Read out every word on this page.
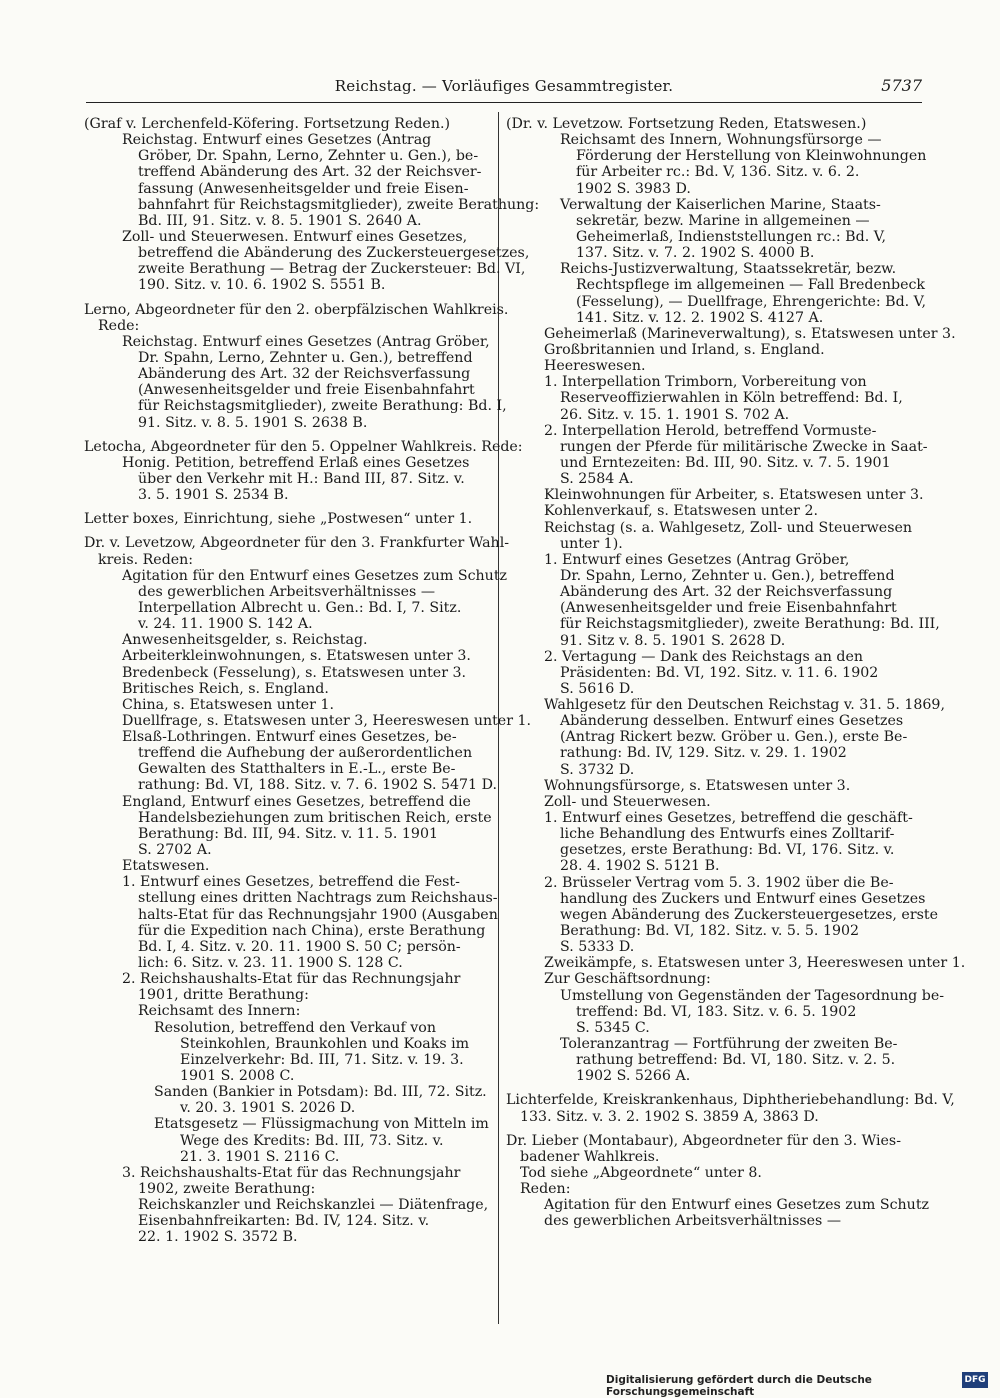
Reichstag. — Vorläufiges Gesammtregister.	5737
(Graf v. Lerchenfeld-Köfering. Fortsetzung Reden.)
Reichstag. Entwurf eines Gesetzes (Antrag
Gröber, Dr. Spahn, Lerno, Zehnter u. Gen.), be-
treffend Abänderung des Art. 32 der Reichsver-
fassung (Anwesenheitsgelder und freie Eisen-
bahnfahrt für Reichstagsmitglieder), zweite Berathung:
Bd. III, 91. Sitz. v. 8. 5. 1901 S. 2640 A.
Zoll- und Steuerwesen. Entwurf eines Gesetzes,
betreffend die Abänderung des Zuckersteuergesetzes,
zweite Berathung — Betrag der Zuckersteuer: Bd. VI,
190. Sitz. v. 10. 6. 1902 S. 5551 B.
Lerno, Abgeordneter für den 2. oberpfälzischen Wahlkreis.
Rede:
Reichstag. Entwurf eines Gesetzes (Antrag Gröber,
Dr. Spahn, Lerno, Zehnter u. Gen.), betreffend
Abänderung des Art. 32 der Reichsverfassung
(Anwesenheitsgelder und freie Eisenbahnfahrt
für Reichstagsmitglieder), zweite Berathung: Bd. I,
91. Sitz. v. 8. 5. 1901 S. 2638 B.
Letocha, Abgeordneter für den 5. Oppelner Wahlkreis. Rede:
Honig. Petition, betreffend Erlaß eines Gesetzes
über den Verkehr mit H.: Band III, 87. Sitz. v.
3. 5. 1901 S. 2534 B.
Letter boxes, Einrichtung, siehe „Postwesen“ unter 1.
Dr. v. Levetzow, Abgeordneter für den 3. Frankfurter Wahl-
kreis. Reden:
Agitation für den Entwurf eines Gesetzes zum Schutz
des gewerblichen Arbeitsverhältnisses —
Interpellation Albrecht u. Gen.: Bd. I, 7. Sitz.
v. 24. 11. 1900 S. 142 A.
Anwesenheitsgelder, s. Reichstag.
Arbeiterkleinwohnungen, s. Etatswesen unter 3.
Bredenbeck (Fesselung), s. Etatswesen unter 3.
Britisches Reich, s. England.
China, s. Etatswesen unter 1.
Duellfrage, s. Etatswesen unter 3, Heereswesen unter 1.
Elsaß-Lothringen. Entwurf eines Gesetzes, be-
treffend die Aufhebung der außerordentlichen
Gewalten des Statthalters in E.-L., erste Be-
rathung: Bd. VI, 188. Sitz. v. 7. 6. 1902 S. 5471 D.
England, Entwurf eines Gesetzes, betreffend die
Handelsbeziehungen zum britischen Reich, erste
Berathung: Bd. III, 94. Sitz. v. 11. 5. 1901
S. 2702 A.
Etatswesen.
1. Entwurf eines Gesetzes, betreffend die Fest-
stellung eines dritten Nachtrags zum Reichshaus-
halts-Etat für das Rechnungsjahr 1900 (Ausgaben
für die Expedition nach China), erste Berathung
Bd. I, 4. Sitz. v. 20. 11. 1900 S. 50 C; persön-
lich: 6. Sitz. v. 23. 11. 1900 S. 128 C.
2. Reichshaushalts-Etat für das Rechnungsjahr
1901, dritte Berathung:
Reichsamt des Innern:
Resolution, betreffend den Verkauf von
Steinkohlen, Braunkohlen und Koaks im
Einzelverkehr: Bd. III, 71. Sitz. v. 19. 3.
1901 S. 2008 C.
Sanden (Bankier in Potsdam): Bd. III, 72. Sitz.
v. 20. 3. 1901 S. 2026 D.
Etatsgesetz — Flüssigmachung von Mitteln im
Wege des Kredits: Bd. III, 73. Sitz. v.
21. 3. 1901 S. 2116 C.
3. Reichshaushalts-Etat für das Rechnungsjahr
1902, zweite Berathung:
Reichskanzler und Reichskanzlei — Diätenfrage,
Eisenbahnfreikarten: Bd. IV, 124. Sitz. v.
22. 1. 1902 S. 3572 B.
(Dr. v. Levetzow. Fortsetzung Reden, Etatswesen.)
Reichsamt des Innern, Wohnungsfürsorge —
Förderung der Herstellung von Kleinwohnungen
für Arbeiter rc.: Bd. V, 136. Sitz. v. 6. 2.
1902 S. 3983 D.
Verwaltung der Kaiserlichen Marine, Staats-
sekretär, bezw. Marine in allgemeinen —
Geheimerlaß, Indienststellungen rc.: Bd. V,
137. Sitz. v. 7. 2. 1902 S. 4000 B.
Reichs-Justizverwaltung, Staatssekretär, bezw.
Rechtspflege im allgemeinen — Fall Bredenbeck
(Fesselung), — Duellfrage, Ehrengerichte: Bd. V,
141. Sitz. v. 12. 2. 1902 S. 4127 A.
Geheimerlaß (Marineverwaltung), s. Etatswesen unter 3.
Großbritannien und Irland, s. England.
Heereswesen.
1. Interpellation Trimborn, Vorbereitung von
Reserveoffizierwahlen in Köln betreffend: Bd. I,
26. Sitz. v. 15. 1. 1901 S. 702 A.
2. Interpellation Herold, betreffend Vormuste-
rungen der Pferde für militärische Zwecke in Saat-
und Erntezeiten: Bd. III, 90. Sitz. v. 7. 5. 1901
S. 2584 A.
Kleinwohnungen für Arbeiter, s. Etatswesen unter 3.
Kohlenverkauf, s. Etatswesen unter 2.
Reichstag (s. a. Wahlgesetz, Zoll- und Steuerwesen
unter 1).
1. Entwurf eines Gesetzes (Antrag Gröber,
Dr. Spahn, Lerno, Zehnter u. Gen.), betreffend
Abänderung des Art. 32 der Reichsverfassung
(Anwesenheitsgelder und freie Eisenbahnfahrt
für Reichstagsmitglieder), zweite Berathung: Bd. III,
91. Sitz v. 8. 5. 1901 S. 2628 D.
2. Vertagung — Dank des Reichstags an den
Präsidenten: Bd. VI, 192. Sitz. v. 11. 6. 1902
S. 5616 D.
Wahlgesetz für den Deutschen Reichstag v. 31. 5. 1869,
Abänderung desselben. Entwurf eines Gesetzes
(Antrag Rickert bezw. Gröber u. Gen.), erste Be-
rathung: Bd. IV, 129. Sitz. v. 29. 1. 1902
S. 3732 D.
Wohnungsfürsorge, s. Etatswesen unter 3.
Zoll- und Steuerwesen.
1. Entwurf eines Gesetzes, betreffend die geschäft-
liche Behandlung des Entwurfs eines Zolltarif-
gesetzes, erste Berathung: Bd. VI, 176. Sitz. v.
28. 4. 1902 S. 5121 B.
2. Brüsseler Vertrag vom 5. 3. 1902 über die Be-
handlung des Zuckers und Entwurf eines Gesetzes
wegen Abänderung des Zuckersteuergesetzes, erste
Berathung: Bd. VI, 182. Sitz. v. 5. 5. 1902
S. 5333 D.
Zweikämpfe, s. Etatswesen unter 3, Heereswesen unter 1.
Zur Geschäftsordnung:
Umstellung von Gegenständen der Tagesordnung be-
treffend: Bd. VI, 183. Sitz. v. 6. 5. 1902
S. 5345 C.
Toleranzantrag — Fortführung der zweiten Be-
rathung betreffend: Bd. VI, 180. Sitz. v. 2. 5.
1902 S. 5266 A.
Lichterfelde, Kreiskrankenhaus, Diphtheriebehandlung: Bd. V,
133. Sitz. v. 3. 2. 1902 S. 3859 A, 3863 D.
Dr. Lieber (Montabaur), Abgeordneter für den 3. Wies-
badener Wahlkreis.
Tod siehe „Abgeordnete“ unter 8.
Reden:
Agitation für den Entwurf eines Gesetzes zum Schutz
des gewerblichen Arbeitsverhältnisses —
Digitalisierung gefördert durch die Deutsche Forschungsgemeinschaft
DFG
